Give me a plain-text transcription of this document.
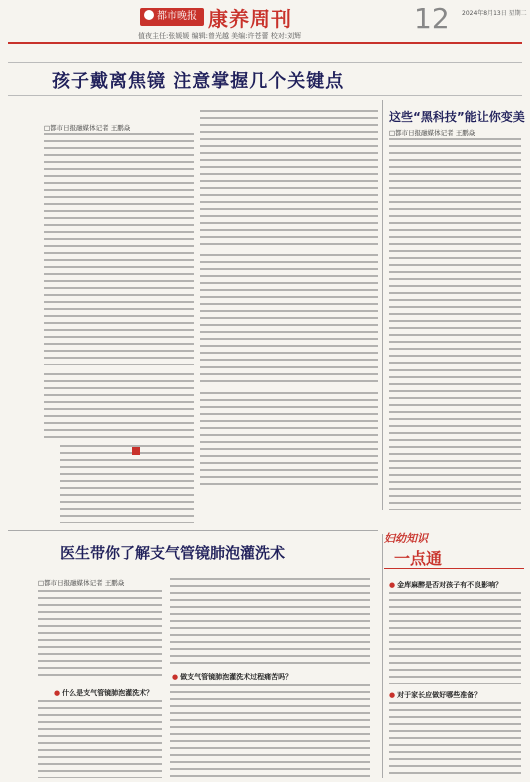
都市晚报 康养周刊	12 2024年8月13日 星期二
值夜主任:张媛媛 编辑:曾光越 美编:许苍蕾 校对:刘辉
孩子戴离焦镜 注意掌握几个关键点
□都市日报融媒体记者 王鹏焱
这些“黑科技”能让你变美
□都市日报融媒体记者 王鹏焱
医生带你了解支气管镜肺泡灌洗术
□都市日报融媒体记者 王鹏焱
● 什么是支气管镜肺泡灌洗术？
● 做支气管镜肺泡灌洗术过程痛苦吗？
妇幼知识
一点通
● 金库麻醉是否对孩子有不良影响？
● 对于家长应做好哪些准备？
